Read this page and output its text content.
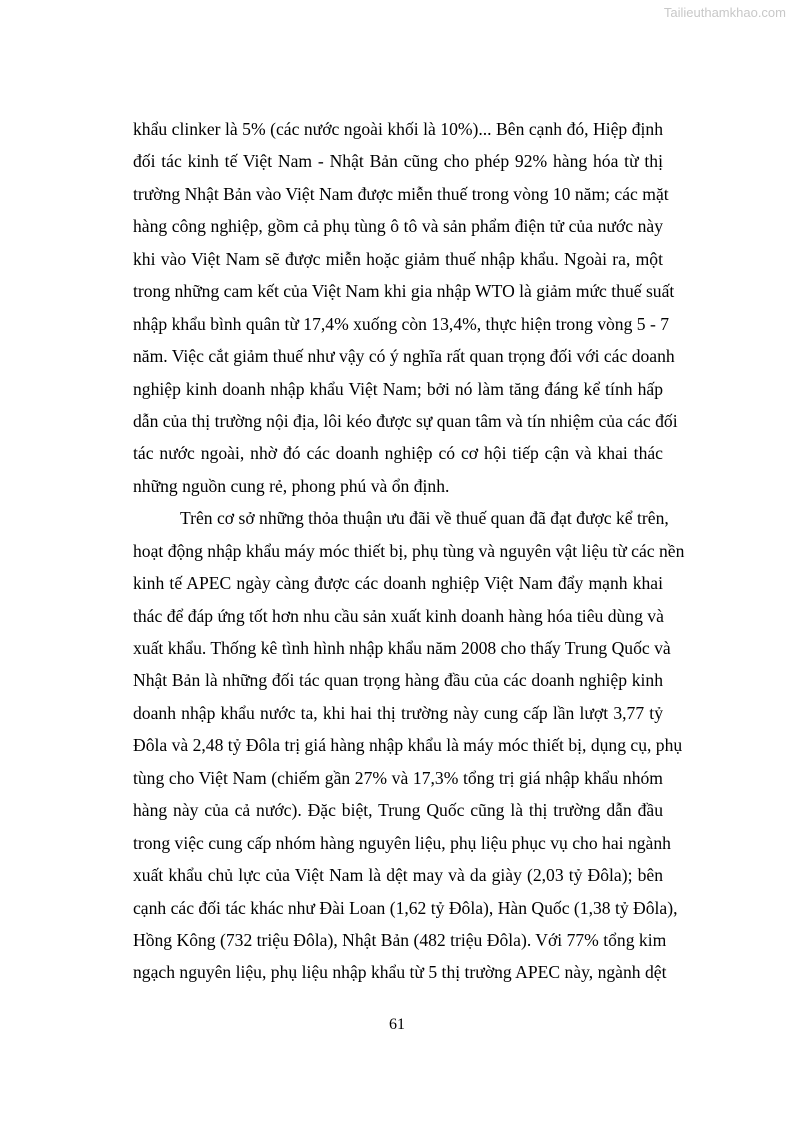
Tailieuthamkhao.com
khẩu clinker là 5% (các nước ngoài khối là 10%)... Bên cạnh đó, Hiệp định
đối tác kinh tế Việt Nam - Nhật Bản cũng cho phép 92% hàng hóa từ thị
trường Nhật Bản vào Việt Nam được miễn thuế trong vòng 10 năm; các mặt
hàng công nghiệp, gồm cả phụ tùng ô tô và sản phẩm điện tử của nước này
khi vào Việt Nam sẽ được miễn hoặc giảm thuế nhập khẩu. Ngoài ra, một
trong những cam kết của Việt Nam khi gia nhập WTO là giảm mức thuế suất
nhập khẩu bình quân từ 17,4% xuống còn 13,4%, thực hiện trong vòng 5 - 7
năm. Việc cắt giảm thuế như vậy có ý nghĩa rất quan trọng đối với các doanh
nghiệp kinh doanh nhập khẩu Việt Nam; bởi nó làm tăng đáng kể tính hấp
dẫn của thị trường nội địa, lôi kéo được sự quan tâm và tín nhiệm của các đối
tác nước ngoài, nhờ đó các doanh nghiệp có cơ hội tiếp cận và khai thác
những nguồn cung rẻ, phong phú và ổn định.
Trên cơ sở những thỏa thuận ưu đãi về thuế quan đã đạt được kể trên,
hoạt động nhập khẩu máy móc thiết bị, phụ tùng và nguyên vật liệu từ các nền
kinh tế APEC ngày càng được các doanh nghiệp Việt Nam đẩy mạnh khai
thác để đáp ứng tốt hơn nhu cầu sản xuất kinh doanh hàng hóa tiêu dùng và
xuất khẩu. Thống kê tình hình nhập khẩu năm 2008 cho thấy Trung Quốc và
Nhật Bản là những đối tác quan trọng hàng đầu của các doanh nghiệp kinh
doanh nhập khẩu nước ta, khi hai thị trường này cung cấp lần lượt 3,77 tỷ
Đôla và 2,48 tỷ Đôla trị giá hàng nhập khẩu là máy móc thiết bị, dụng cụ, phụ
tùng cho Việt Nam (chiếm gần 27% và 17,3% tổng trị giá nhập khẩu nhóm
hàng này của cả nước). Đặc biệt, Trung Quốc cũng là thị trường dẫn đầu
trong việc cung cấp nhóm hàng nguyên liệu, phụ liệu phục vụ cho hai ngành
xuất khẩu chủ lực của Việt Nam là dệt may và da giày (2,03 tỷ Đôla); bên
cạnh các đối tác khác như Đài Loan (1,62 tỷ Đôla), Hàn Quốc (1,38 tỷ Đôla),
Hồng Kông (732 triệu Đôla), Nhật Bản (482 triệu Đôla). Với 77% tổng kim
ngạch nguyên liệu, phụ liệu nhập khẩu từ 5 thị trường APEC này, ngành dệt
61
